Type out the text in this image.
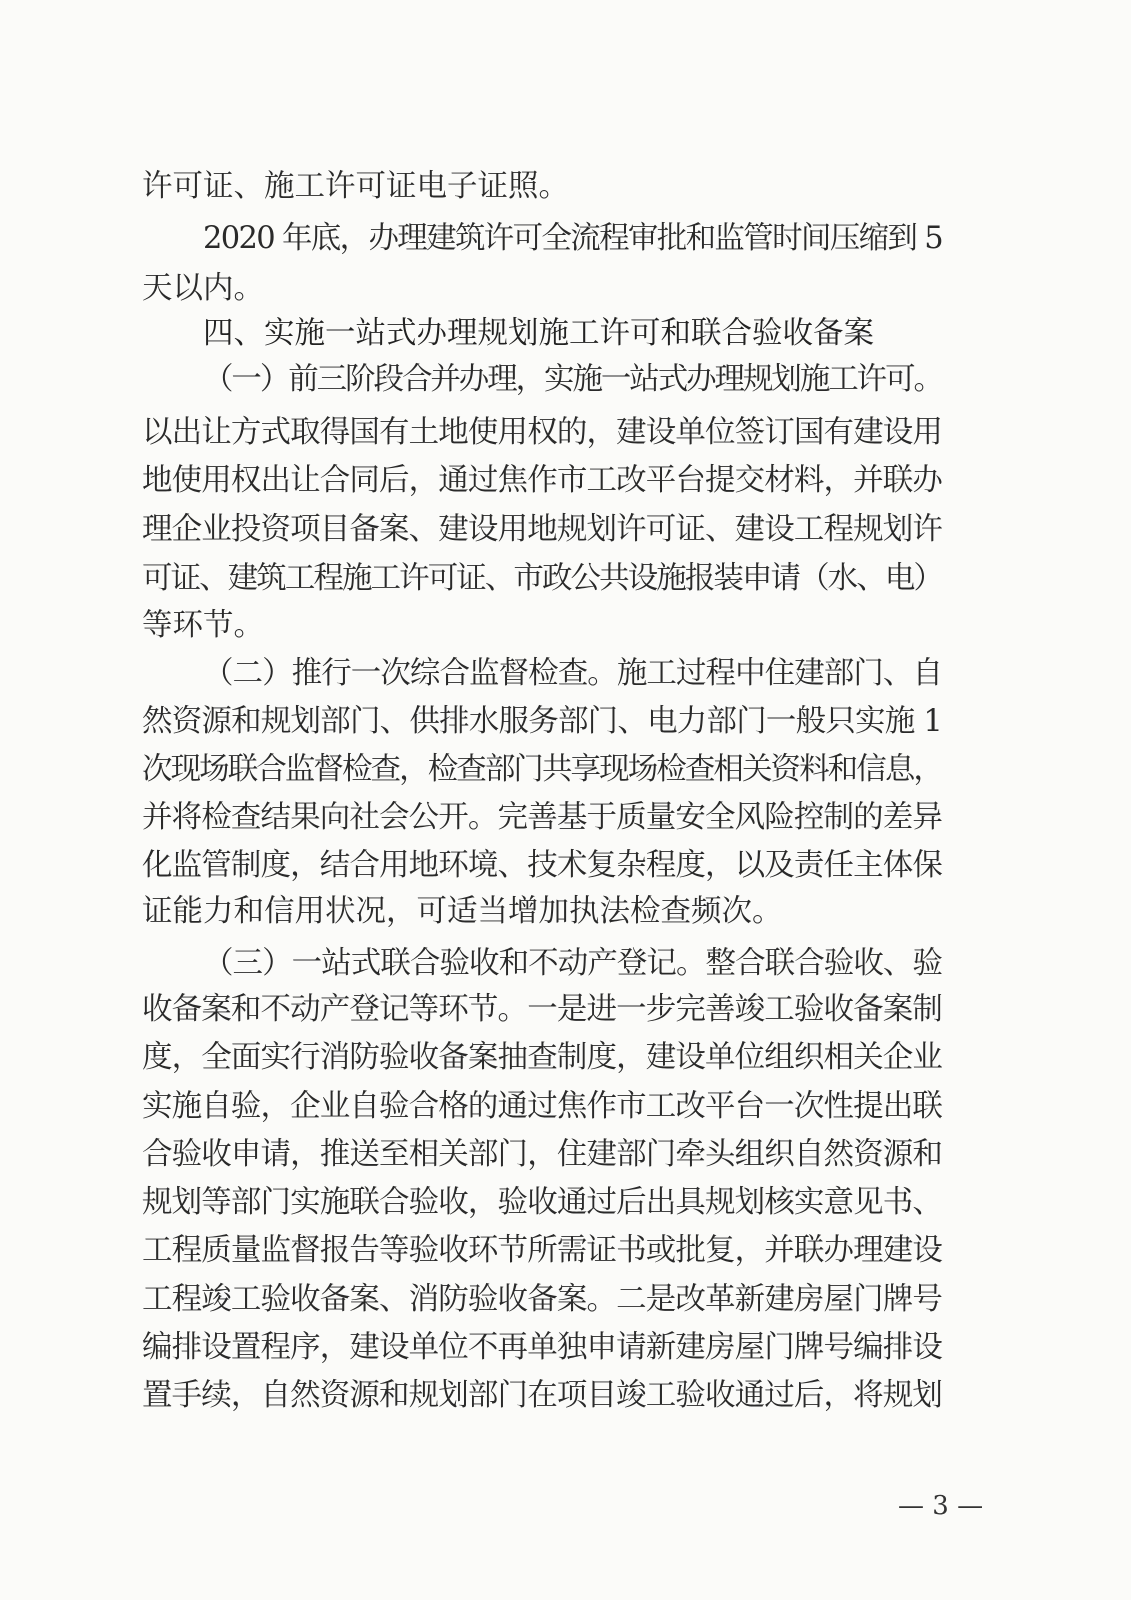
许可证、施工许可证电子证照。
2020 年底，办理建筑许可全流程审批和监管时间压缩到 5
天以内。
四、实施一站式办理规划施工许可和联合验收备案
（一）前三阶段合并办理，实施一站式办理规划施工许可。
以出让方式取得国有土地使用权的，建设单位签订国有建设用
地使用权出让合同后，通过焦作市工改平台提交材料，并联办
理企业投资项目备案、建设用地规划许可证、建设工程规划许
可证、建筑工程施工许可证、市政公共设施报装申请（水、电）
等环节。
（二）推行一次综合监督检查。施工过程中住建部门、自
然资源和规划部门、供排水服务部门、电力部门一般只实施 1
次现场联合监督检查，检查部门共享现场检查相关资料和信息，
并将检查结果向社会公开。完善基于质量安全风险控制的差异
化监管制度，结合用地环境、技术复杂程度，以及责任主体保
证能力和信用状况，可适当增加执法检查频次。
（三）一站式联合验收和不动产登记。整合联合验收、验
收备案和不动产登记等环节。一是进一步完善竣工验收备案制
度，全面实行消防验收备案抽查制度，建设单位组织相关企业
实施自验，企业自验合格的通过焦作市工改平台一次性提出联
合验收申请，推送至相关部门，住建部门牵头组织自然资源和
规划等部门实施联合验收，验收通过后出具规划核实意见书、
工程质量监督报告等验收环节所需证书或批复，并联办理建设
工程竣工验收备案、消防验收备案。二是改革新建房屋门牌号
编排设置程序，建设单位不再单独申请新建房屋门牌号编排设
置手续，自然资源和规划部门在项目竣工验收通过后，将规划
— 3 —
